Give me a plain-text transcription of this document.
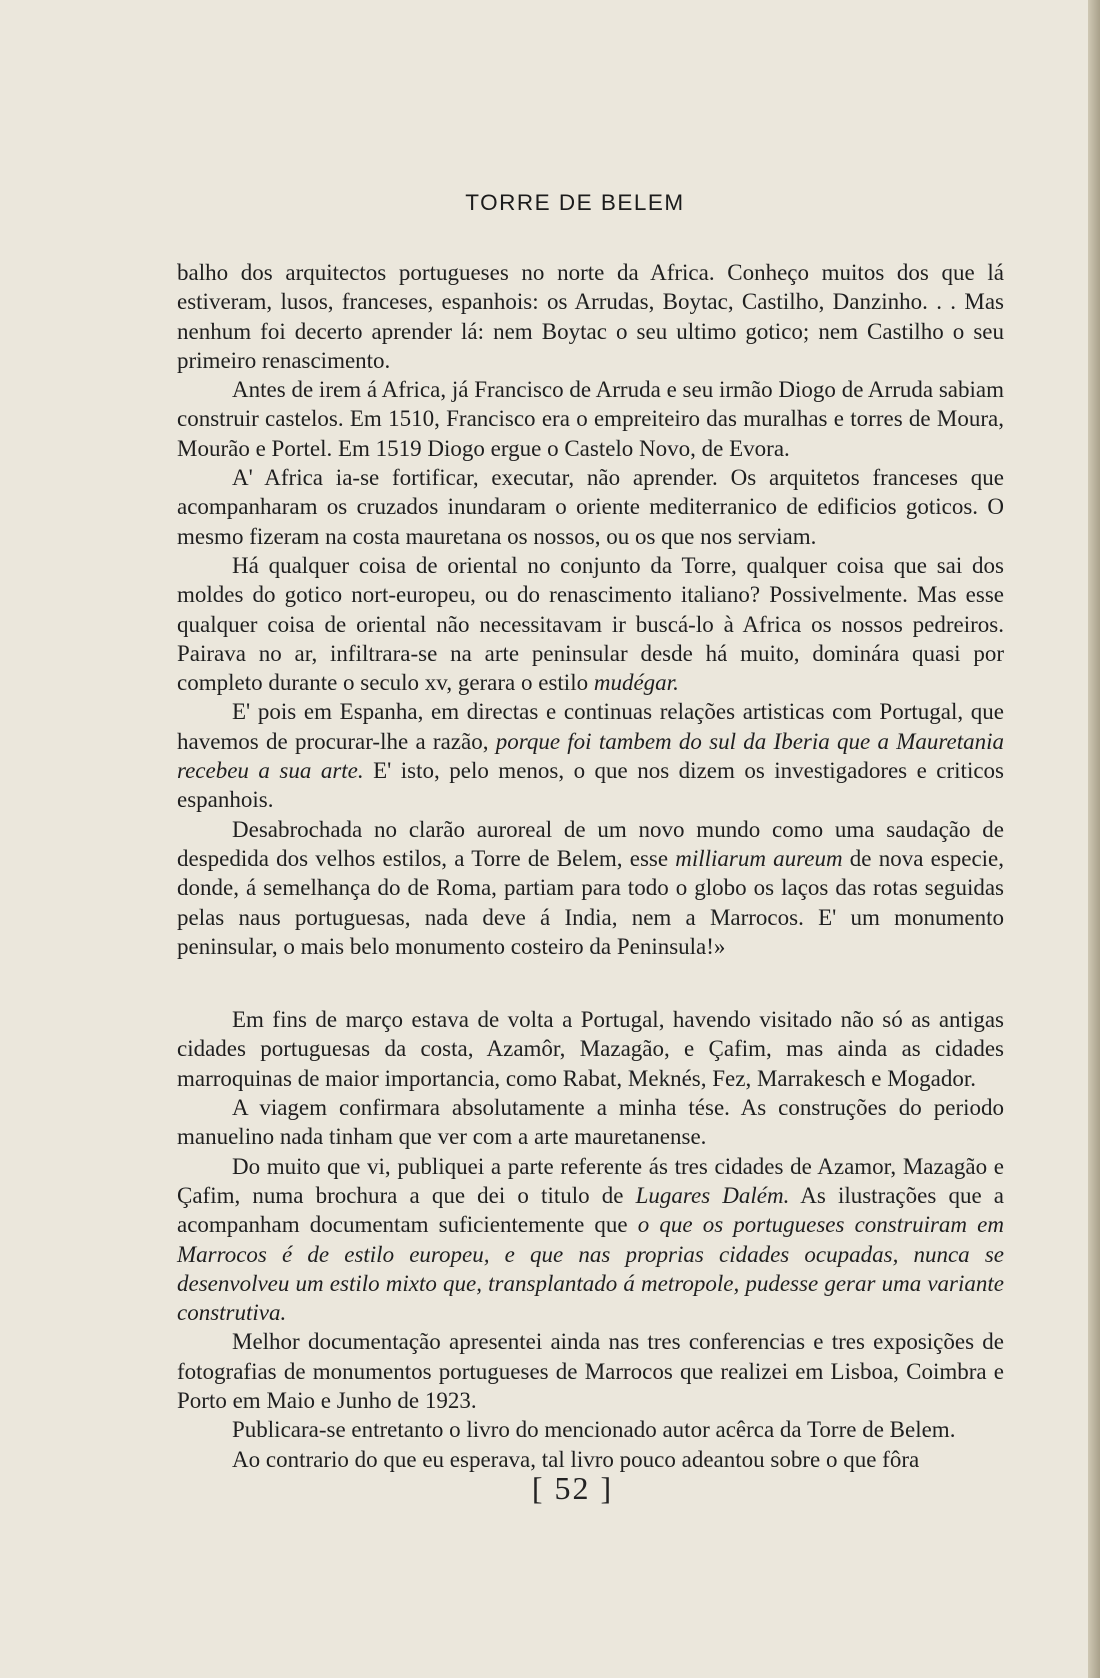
TORRE DE BELEM

balho dos arquitectos portugueses no norte da Africa. Conheço muitos dos que lá estiveram, lusos, franceses, espanhois: os Arrudas, Boytac, Castilho, Danzinho. . . Mas nenhum foi decerto aprender lá: nem Boytac o seu ultimo gotico; nem Castilho o seu primeiro renascimento.

Antes de irem á Africa, já Francisco de Arruda e seu irmão Diogo de Arruda sabiam construir castelos. Em 1510, Francisco era o empreiteiro das muralhas e torres de Moura, Mourão e Portel. Em 1519 Diogo ergue o Castelo Novo, de Evora.

A' Africa ia-se fortificar, executar, não aprender. Os arquitetos franceses que acompanharam os cruzados inundaram o oriente mediterranico de edificios goticos. O mesmo fizeram na costa mauretana os nossos, ou os que nos serviam.

Há qualquer coisa de oriental no conjunto da Torre, qualquer coisa que sai dos moldes do gotico nort-europeu, ou do renascimento italiano? Possivelmente. Mas esse qualquer coisa de oriental não necessitavam ir buscá-lo à Africa os nossos pedreiros. Pairava no ar, infiltrara-se na arte peninsular desde há muito, dominára quasi por completo durante o seculo xv, gerara o estilo mudégar.

E' pois em Espanha, em directas e continuas relações artisticas com Portugal, que havemos de procurar-lhe a razão, porque foi tambem do sul da Iberia que a Mauretania recebeu a sua arte. E' isto, pelo menos, o que nos dizem os investigadores e criticos espanhois.

Desabrochada no clarão auroreal de um novo mundo como uma saudação de despedida dos velhos estilos, a Torre de Belem, esse milliarum aureum de nova especie, donde, á semelhança do de Roma, partiam para todo o globo os laços das rotas seguidas pelas naus portuguesas, nada deve á India, nem a Marrocos. E' um monumento peninsular, o mais belo monumento costeiro da Peninsula!»

Em fins de março estava de volta a Portugal, havendo visitado não só as antigas cidades portuguesas da costa, Azamôr, Mazagão, e Çafim, mas ainda as cidades marroquinas de maior importancia, como Rabat, Meknés, Fez, Marrakesch e Mogador.

A viagem confirmara absolutamente a minha tése. As construções do periodo manuelino nada tinham que ver com a arte mauretanense.

Do muito que vi, publiquei a parte referente ás tres cidades de Azamor, Mazagão e Çafim, numa brochura a que dei o titulo de Lugares Dalém. As ilustrações que a acompanham documentam suficientemente que o que os portugueses construiram em Marrocos é de estilo europeu, e que nas proprias cidades ocupadas, nunca se desenvolveu um estilo mixto que, transplantado á metropole, pudesse gerar uma variante construtiva.

Melhor documentação apresentei ainda nas tres conferencias e tres exposições de fotografias de monumentos portugueses de Marrocos que realizei em Lisboa, Coimbra e Porto em Maio e Junho de 1923.

Publicara-se entretanto o livro do mencionado autor acêrca da Torre de Belem.

Ao contrario do que eu esperava, tal livro pouco adeantou sobre o que fôra

[ 52 ]
